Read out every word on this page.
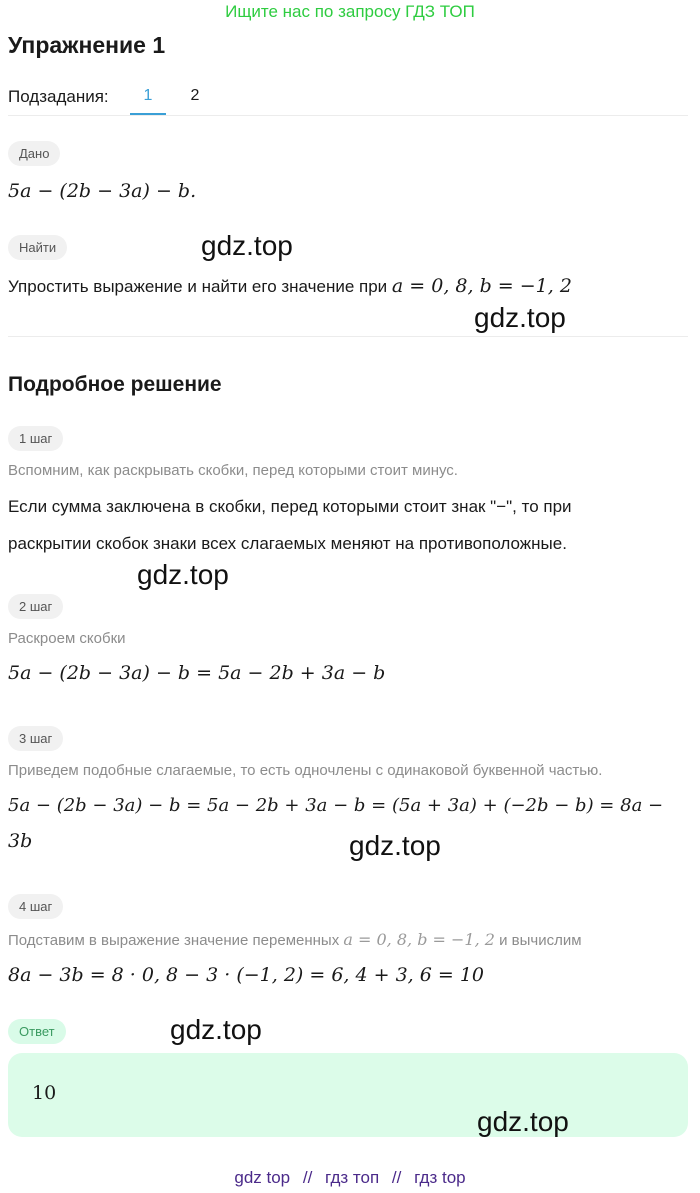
Ищите нас по запросу ГДЗ ТОП
Упражнение 1
Подзадания:	1	2
Дано
5a − (2b − 3a) − b.
Найти
Упростить выражение и найти его значение при a = 0, 8, b = −1, 2
Подробное решение
1 шаг
Вспомним, как раскрывать скобки, перед которыми стоит минус.
Если сумма заключена в скобки, перед которыми стоит знак "−", то при
раскрытии скобок знаки всех слагаемых меняют на противоположные.
2 шаг
Раскроем скобки
5a − (2b − 3a) − b = 5a − 2b + 3a − b
3 шаг
Приведем подобные слагаемые, то есть одночлены с одинаковой буквенной частью.
5a − (2b − 3a) − b = 5a − 2b + 3a − b = (5a + 3a) + (−2b − b) = 8a −
3b
4 шаг
Подставим в выражение значение переменных a = 0, 8, b = −1, 2 и вычислим
8a − 3b = 8 · 0, 8 − 3 · (−1, 2) = 6, 4 + 3, 6 = 10
Ответ
10
gdz.top
gdz.top
gdz.top
gdz.top
gdz.top
gdz.top
gdz top // гдз топ // гдз top
